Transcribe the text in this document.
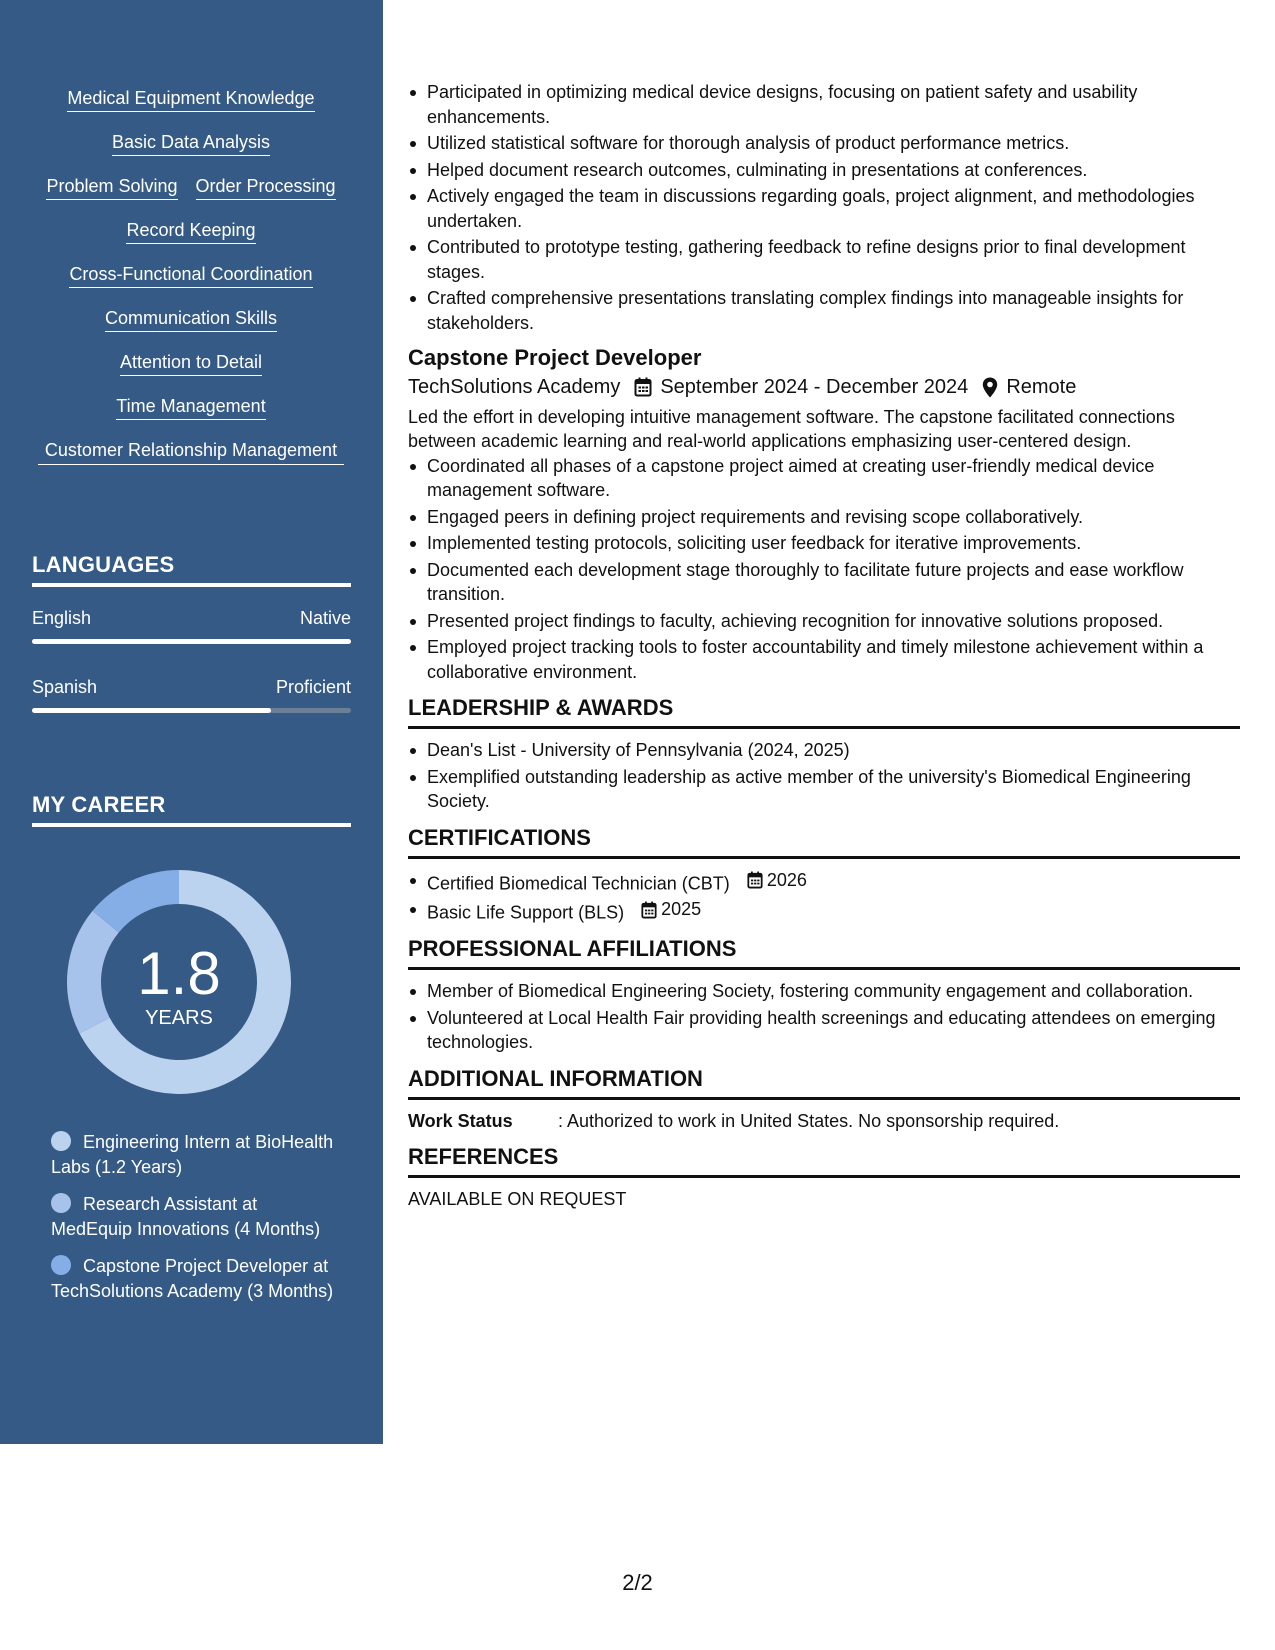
Medical Equipment Knowledge
Basic Data Analysis
Problem Solving Order Processing
Record Keeping
Cross-Functional Coordination
Communication Skills
Attention to Detail
Time Management
Customer Relationship Management
LANGUAGES
English	Native
Spanish	Proficient
MY CAREER
1.8
YEARS
Engineering Intern at BioHealth Labs (1.2 Years)
Research Assistant at MedEquip Innovations (4 Months)
Capstone Project Developer at TechSolutions Academy (3 Months)
Participated in optimizing medical device designs, focusing on patient safety and usability enhancements.
Utilized statistical software for thorough analysis of product performance metrics.
Helped document research outcomes, culminating in presentations at conferences.
Actively engaged the team in discussions regarding goals, project alignment, and methodologies undertaken.
Contributed to prototype testing, gathering feedback to refine designs prior to final development stages.
Crafted comprehensive presentations translating complex findings into manageable insights for stakeholders.
Capstone Project Developer
TechSolutions Academy September 2024 - December 2024 Remote
Led the effort in developing intuitive management software. The capstone facilitated connections between academic learning and real-world applications emphasizing user-centered design.
Coordinated all phases of a capstone project aimed at creating user-friendly medical device management software.
Engaged peers in defining project requirements and revising scope collaboratively.
Implemented testing protocols, soliciting user feedback for iterative improvements.
Documented each development stage thoroughly to facilitate future projects and ease workflow transition.
Presented project findings to faculty, achieving recognition for innovative solutions proposed.
Employed project tracking tools to foster accountability and timely milestone achievement within a collaborative environment.
LEADERSHIP & AWARDS
Dean's List - University of Pennsylvania (2024, 2025)
Exemplified outstanding leadership as active member of the university's Biomedical Engineering Society.
CERTIFICATIONS
Certified Biomedical Technician (CBT) 2026
Basic Life Support (BLS) 2025
PROFESSIONAL AFFILIATIONS
Member of Biomedical Engineering Society, fostering community engagement and collaboration.
Volunteered at Local Health Fair providing health screenings and educating attendees on emerging technologies.
ADDITIONAL INFORMATION
Work Status	: Authorized to work in United States. No sponsorship required.
REFERENCES
AVAILABLE ON REQUEST
2/2
